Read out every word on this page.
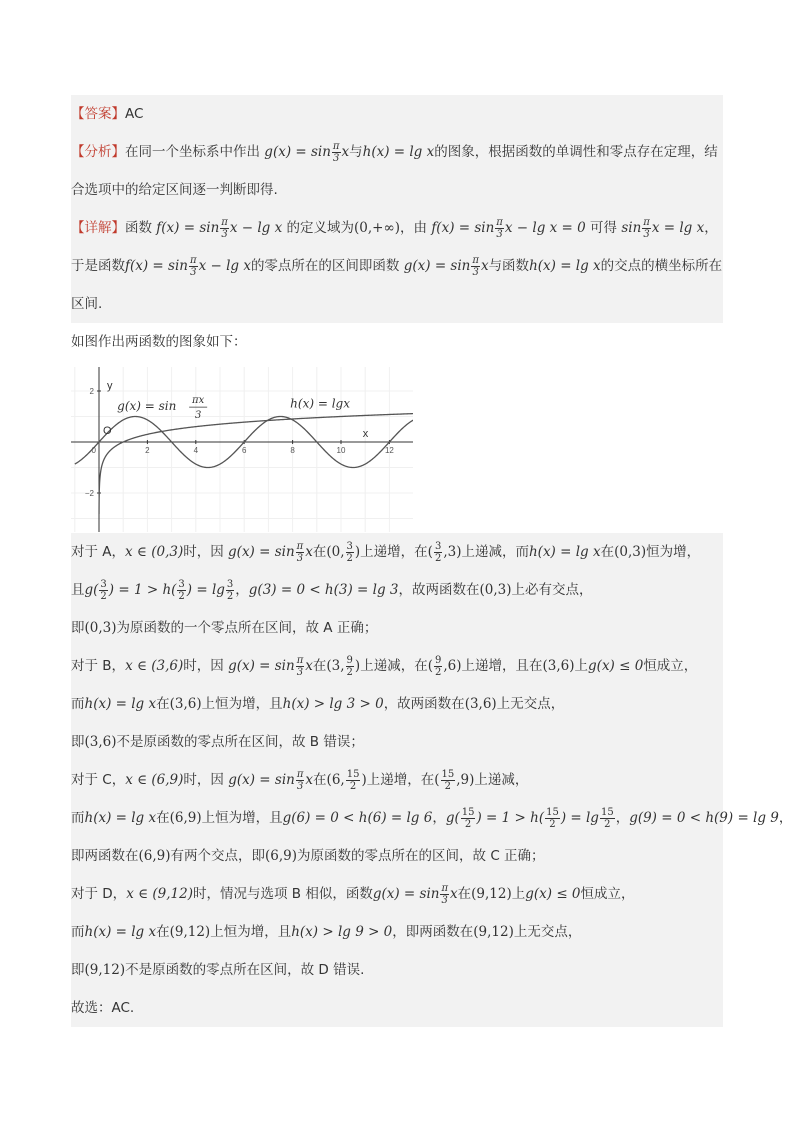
【答案】AC
【分析】在同一个坐标系中作出 $g(x) = \sin \frac{\pi}{3}$ x与h(x) = lg x的图象，根据函数的单调性和零点存在定理，结
合选项中的给定区间逐一判断即得.
【详解】函数 $f(x) = \sin \frac{\pi}{3}$ x − lg x 的定义域为(0,+∞)，由 $f(x) = \sin \frac{\pi}{3}$ x − lg x = 0 可得 $\sin \frac{\pi}{3}$ x = lg x，
于是函数$f(x) = \sin \frac{\pi}{3}$ x − lg x的零点所在的区间即函数 $g(x) = \sin \frac{\pi}{3}$ x与函数h(x) = lg x的交点的横坐标所在
区间.
如图作出两函数的图象如下：
2	4	6	8	10	12
0
2
−2
y
x
O
g(x) = sin πx
3
h(x) = lgx
对于 A，x ∈ (0,3)时，因 $g(x) = \sin \frac{\pi}{3}$ x在(0, $\frac{3}{2}$ )上递增，在( $\frac{3}{2} ,3$)上递减，而h(x) = lg x在(0,3)恒为增，
且$g( \frac{3}{2}$ ) = $1 > h( \frac{3}{2}$ ) = $\lg \frac{3}{2}$ ，g(3) = 0 < h(3) = lg 3，故两函数在(0,3)上必有交点，
即(0,3)为原函数的一个零点所在区间，故 A 正确；
对于 B，x ∈ (3,6)时，因 $g(x) = \sin \frac{\pi}{3}$ x在(3, $\frac{9}{2}$ )上递减，在( $\frac{9}{2} ,6$)上递增，且在(3,6)上g(x) ≤ 0恒成立，
而h(x) = lg x在(3,6)上恒为增，且h(x) > lg 3 > 0，故两函数在(3,6)上无交点，
即(3,6)不是原函数的零点所在区间，故 B 错误；
对于 C，x ∈ (6,9)时，因 $g(x) = \sin \frac{\pi}{3}$ x在(6, $\frac{15}{2}$ )上递增，在( $\frac{15}{2} ,9$)上递减，
而h(x) = lg x在(6,9)上恒为增，且g(6) = 0 < h(6) = lg 6，$g( \frac{15}{2}$ ) = $1 > h( \frac{15}{2}$ ) = $\lg \frac{15}{2}$ ，g(9) = 0 < h(9) = lg 9，
即两函数在(6,9)有两个交点，即(6,9)为原函数的零点所在的区间，故 C 正确；
对于 D，x ∈ (9,12)时，情况与选项 B 相似，函数$g(x) = \sin \frac{\pi}{3}$ x在(9,12)上g(x) ≤ 0恒成立，
而h(x) = lg x在(9,12)上恒为增，且h(x) > lg 9 > 0，即两函数在(9,12)上无交点，
即(9,12)不是原函数的零点所在区间，故 D 错误.
故选：AC.
